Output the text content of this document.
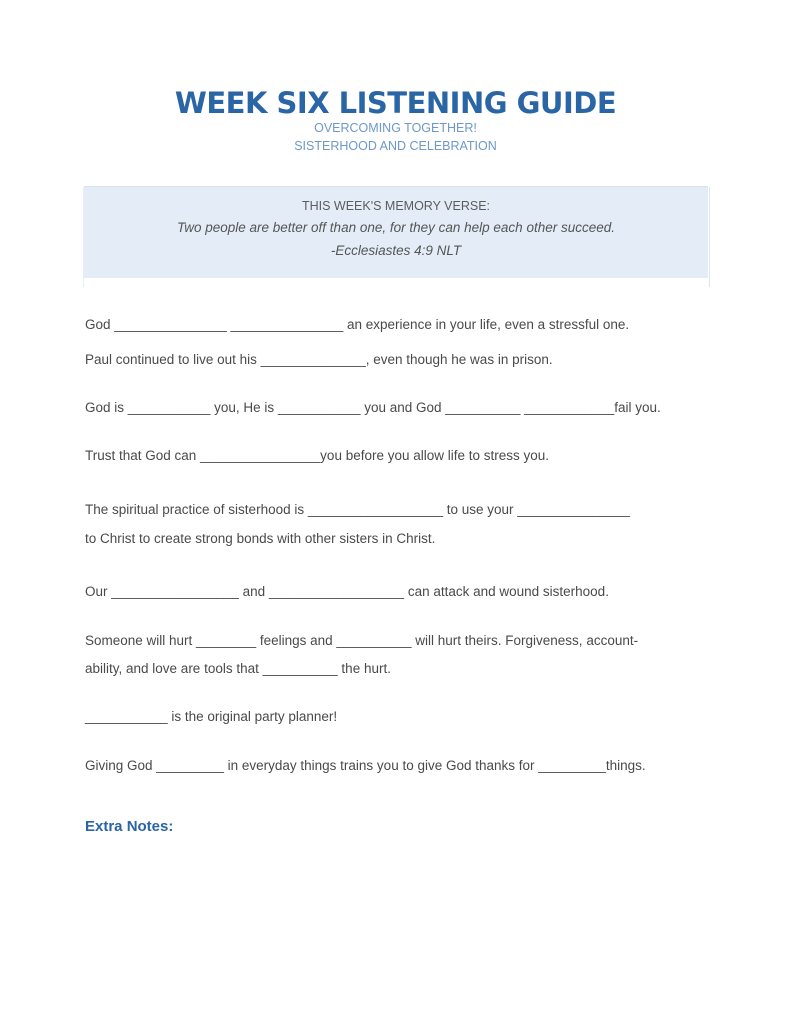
WEEK SIX LISTENING GUIDE

OVERCOMING TOGETHER!

SISTERHOOD AND CELEBRATION

THIS WEEK'S MEMORY VERSE:
Two people are better off than one, for they can help each other succeed.
-Ecclesiastes 4:9 NLT

God _______________ _______________ an experience in your life, even a stressful one.

Paul continued to live out his ______________, even though he was in prison.

God is ___________ you, He is ___________ you and God __________ ____________fail you.

Trust that God can ________________you before you allow life to stress you.

The spiritual practice of sisterhood is __________________ to use your _______________

to Christ to create strong bonds with other sisters in Christ.

Our _________________ and __________________ can attack and wound sisterhood.

Someone will hurt ________ feelings and __________ will hurt theirs. Forgiveness, account-

ability, and love are tools that __________ the hurt.

___________ is the original party planner!

Giving God _________ in everyday things trains you to give God thanks for _________things.

Extra Notes:
